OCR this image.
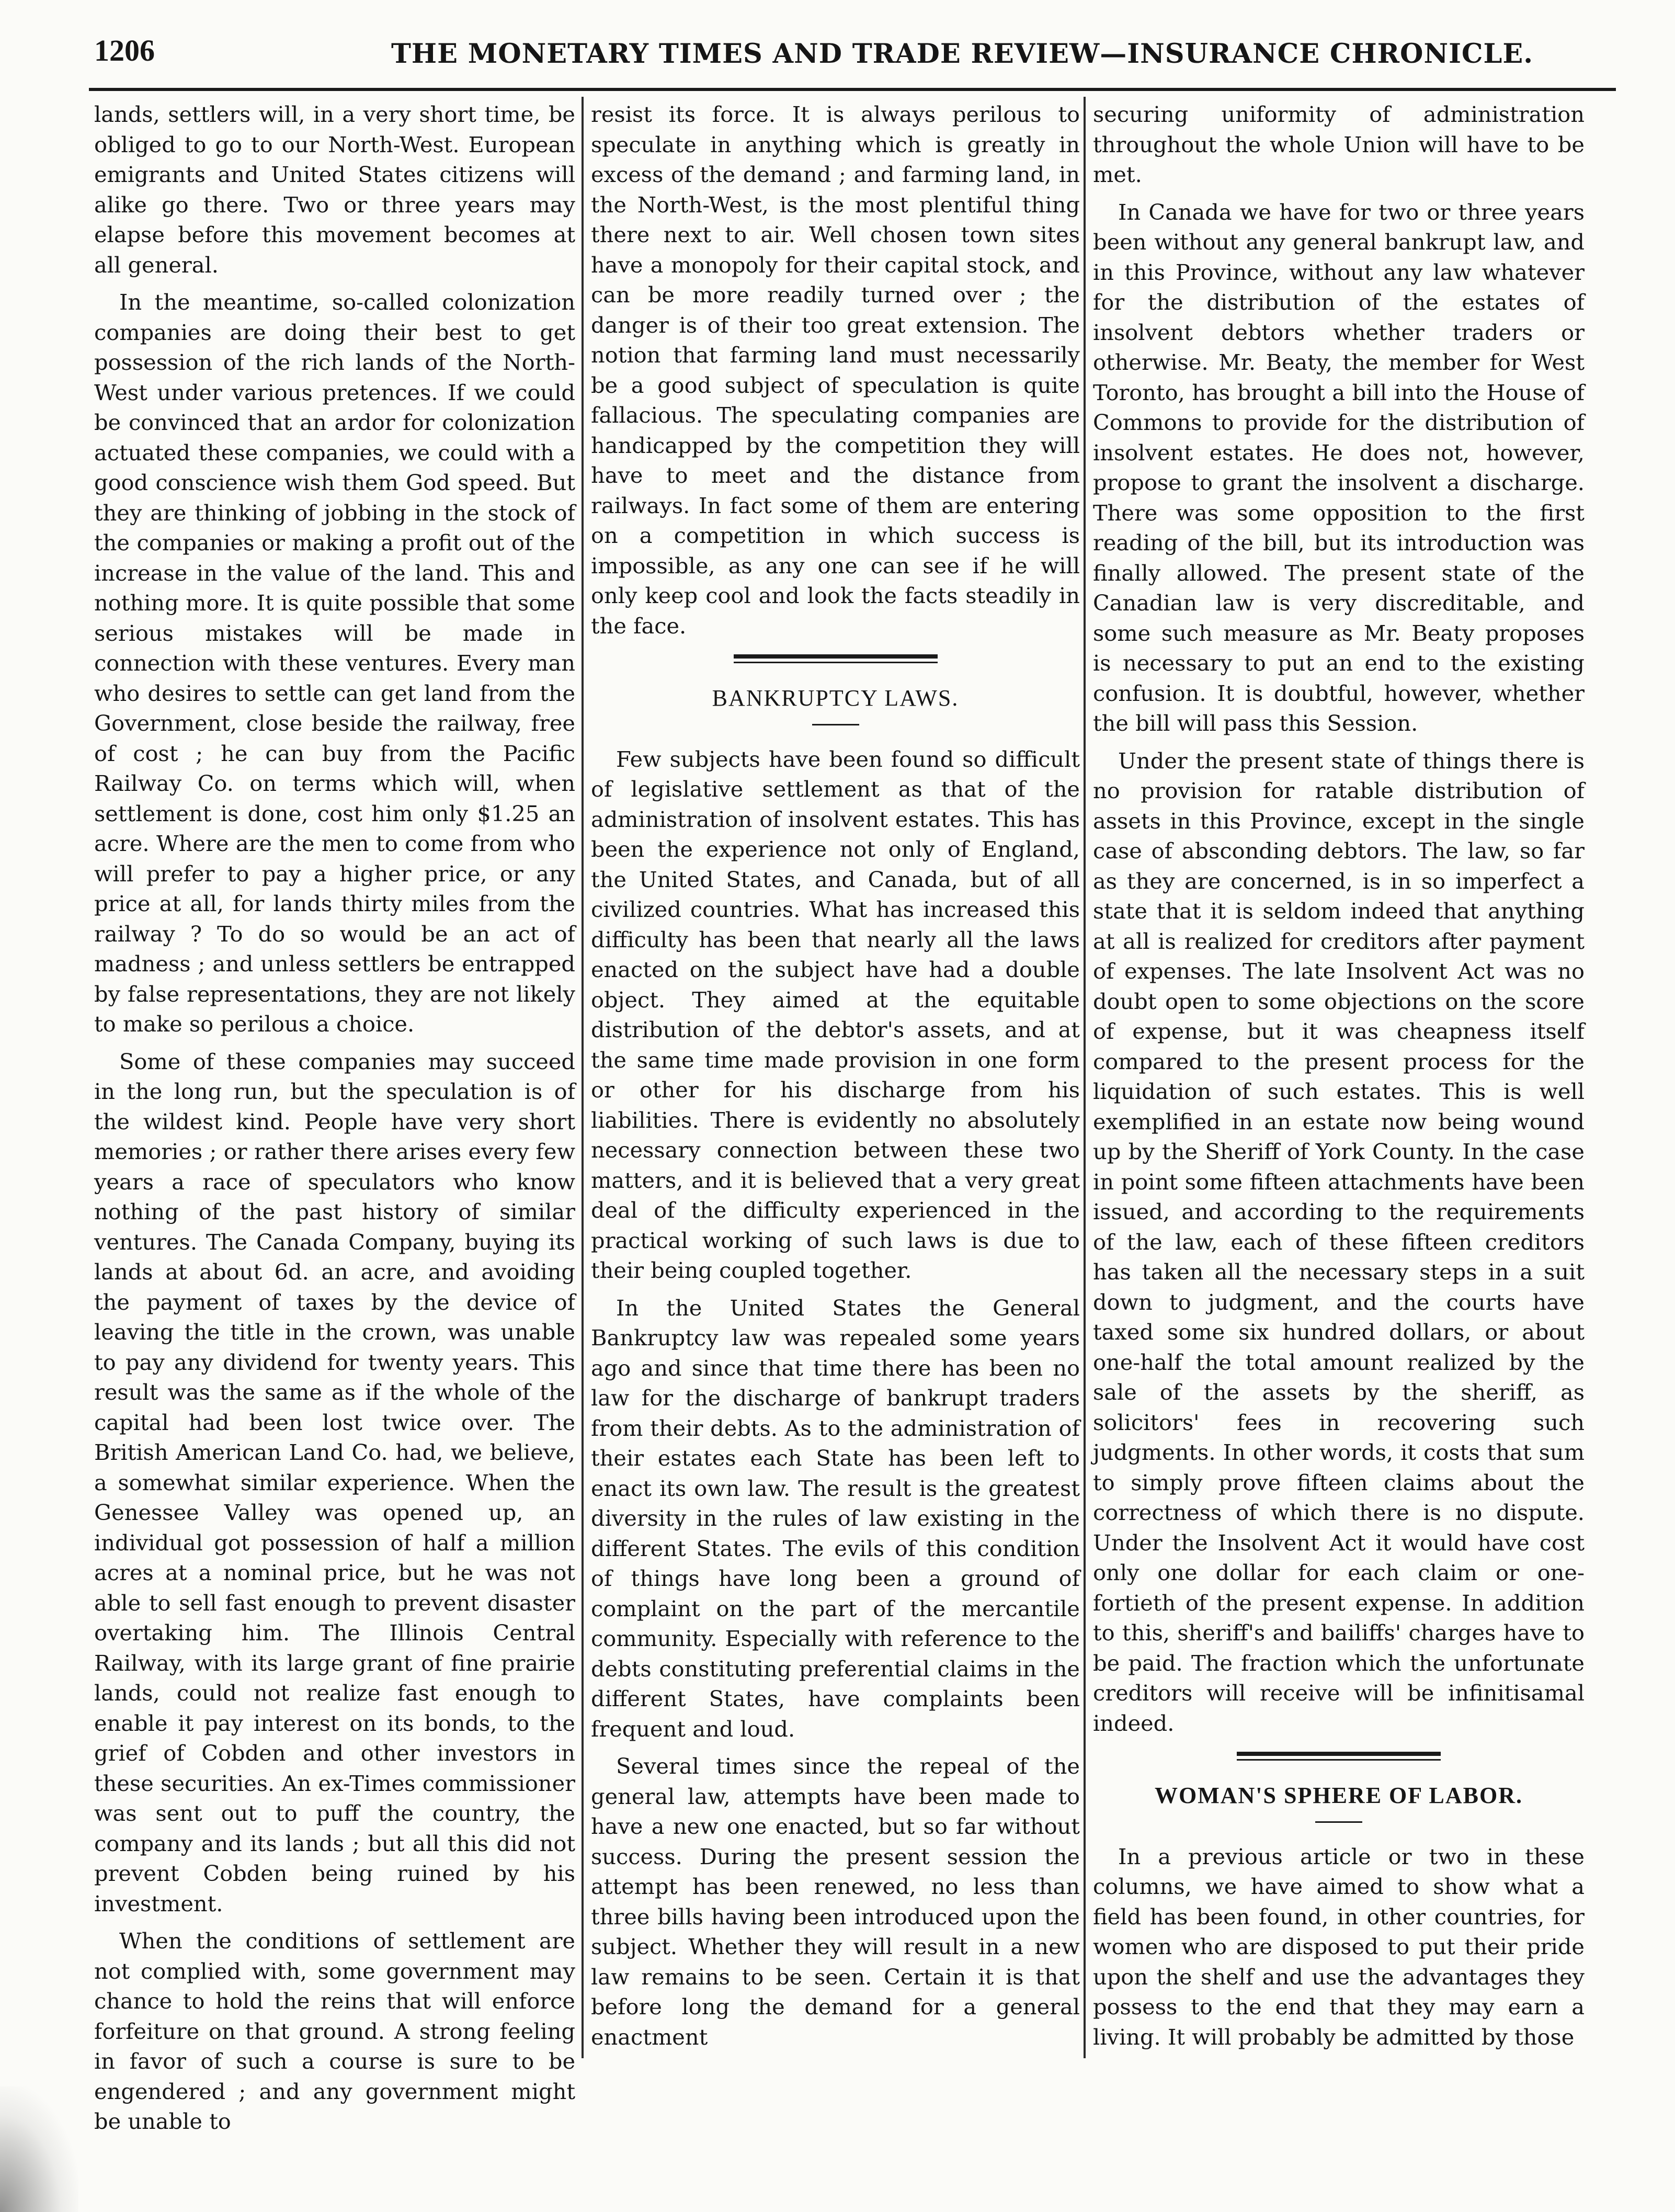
1206	THE MONETARY TIMES AND TRADE REVIEW—INSURANCE CHRONICLE.

lands, settlers will, in a very short time, be obliged to go to our North-West. European emigrants and United States citizens will alike go there. Two or three years may elapse before this movement becomes at all general.

In the meantime, so-called colonization companies are doing their best to get possession of the rich lands of the North-West under various pretences. If we could be convinced that an ardor for colonization actuated these companies, we could with a good conscience wish them God speed. But they are thinking of jobbing in the stock of the companies or making a profit out of the increase in the value of the land. This and nothing more. It is quite possible that some serious mistakes will be made in connection with these ventures. Every man who desires to settle can get land from the Government, close beside the railway, free of cost ; he can buy from the Pacific Railway Co. on terms which will, when settlement is done, cost him only $1.25 an acre. Where are the men to come from who will prefer to pay a higher price, or any price at all, for lands thirty miles from the railway ? To do so would be an act of madness ; and unless settlers be entrapped by false representations, they are not likely to make so perilous a choice.

Some of these companies may succeed in the long run, but the speculation is of the wildest kind. People have very short memories ; or rather there arises every few years a race of speculators who know nothing of the past history of similar ventures. The Canada Company, buying its lands at about 6d. an acre, and avoiding the payment of taxes by the device of leaving the title in the crown, was unable to pay any dividend for twenty years. This result was the same as if the whole of the capital had been lost twice over. The British American Land Co. had, we believe, a somewhat similar experience. When the Genessee Valley was opened up, an individual got possession of half a million acres at a nominal price, but he was not able to sell fast enough to prevent disaster overtaking him. The Illinois Central Railway, with its large grant of fine prairie lands, could not realize fast enough to enable it pay interest on its bonds, to the grief of Cobden and other investors in these securities. An ex-Times commissioner was sent out to puff the country, the company and its lands ; but all this did not prevent Cobden being ruined by his investment.

When the conditions of settlement are not complied with, some government may chance to hold the reins that will enforce forfeiture on that ground. A strong feeling in favor of such a course is sure to be engendered ; and any government might be unable to

resist its force. It is always perilous to speculate in anything which is greatly in excess of the demand ; and farming land, in the North-West, is the most plentiful thing there next to air. Well chosen town sites have a monopoly for their capital stock, and can be more readily turned over ; the danger is of their too great extension. The notion that farming land must necessarily be a good subject of speculation is quite fallacious. The speculating companies are handicapped by the competition they will have to meet and the distance from railways. In fact some of them are entering on a competition in which success is impossible, as any one can see if he will only keep cool and look the facts steadily in the face.

BANKRUPTCY LAWS.

Few subjects have been found so difficult of legislative settlement as that of the administration of insolvent estates. This has been the experience not only of England, the United States, and Canada, but of all civilized countries. What has increased this difficulty has been that nearly all the laws enacted on the subject have had a double object. They aimed at the equitable distribution of the debtor's assets, and at the same time made provision in one form or other for his discharge from his liabilities. There is evidently no absolutely necessary connection between these two matters, and it is believed that a very great deal of the difficulty experienced in the practical working of such laws is due to their being coupled together.

In the United States the General Bankruptcy law was repealed some years ago and since that time there has been no law for the discharge of bankrupt traders from their debts. As to the administration of their estates each State has been left to enact its own law. The result is the greatest diversity in the rules of law existing in the different States. The evils of this condition of things have long been a ground of complaint on the part of the mercantile community. Especially with reference to the debts constituting preferential claims in the different States, have complaints been frequent and loud.

Several times since the repeal of the general law, attempts have been made to have a new one enacted, but so far without success. During the present session the attempt has been renewed, no less than three bills having been introduced upon the subject. Whether they will result in a new law remains to be seen. Certain it is that before long the demand for a general enactment

securing uniformity of administration throughout the whole Union will have to be met.

In Canada we have for two or three years been without any general bankrupt law, and in this Province, without any law whatever for the distribution of the estates of insolvent debtors whether traders or otherwise. Mr. Beaty, the member for West Toronto, has brought a bill into the House of Commons to provide for the distribution of insolvent estates. He does not, however, propose to grant the insolvent a discharge. There was some opposition to the first reading of the bill, but its introduction was finally allowed. The present state of the Canadian law is very discreditable, and some such measure as Mr. Beaty proposes is necessary to put an end to the existing confusion. It is doubtful, however, whether the bill will pass this Session.

Under the present state of things there is no provision for ratable distribution of assets in this Province, except in the single case of absconding debtors. The law, so far as they are concerned, is in so imperfect a state that it is seldom indeed that anything at all is realized for creditors after payment of expenses. The late Insolvent Act was no doubt open to some objections on the score of expense, but it was cheapness itself compared to the present process for the liquidation of such estates. This is well exemplified in an estate now being wound up by the Sheriff of York County. In the case in point some fifteen attachments have been issued, and according to the requirements of the law, each of these fifteen creditors has taken all the necessary steps in a suit down to judgment, and the courts have taxed some six hundred dollars, or about one-half the total amount realized by the sale of the assets by the sheriff, as solicitors' fees in recovering such judgments. In other words, it costs that sum to simply prove fifteen claims about the correctness of which there is no dispute. Under the Insolvent Act it would have cost only one dollar for each claim or one-fortieth of the present expense. In addition to this, sheriff's and bailiffs' charges have to be paid. The fraction which the unfortunate creditors will receive will be infinitisamal indeed.

WOMAN'S SPHERE OF LABOR.

In a previous article or two in these columns, we have aimed to show what a field has been found, in other countries, for women who are disposed to put their pride upon the shelf and use the advantages they possess to the end that they may earn a living. It will probably be admitted by those
